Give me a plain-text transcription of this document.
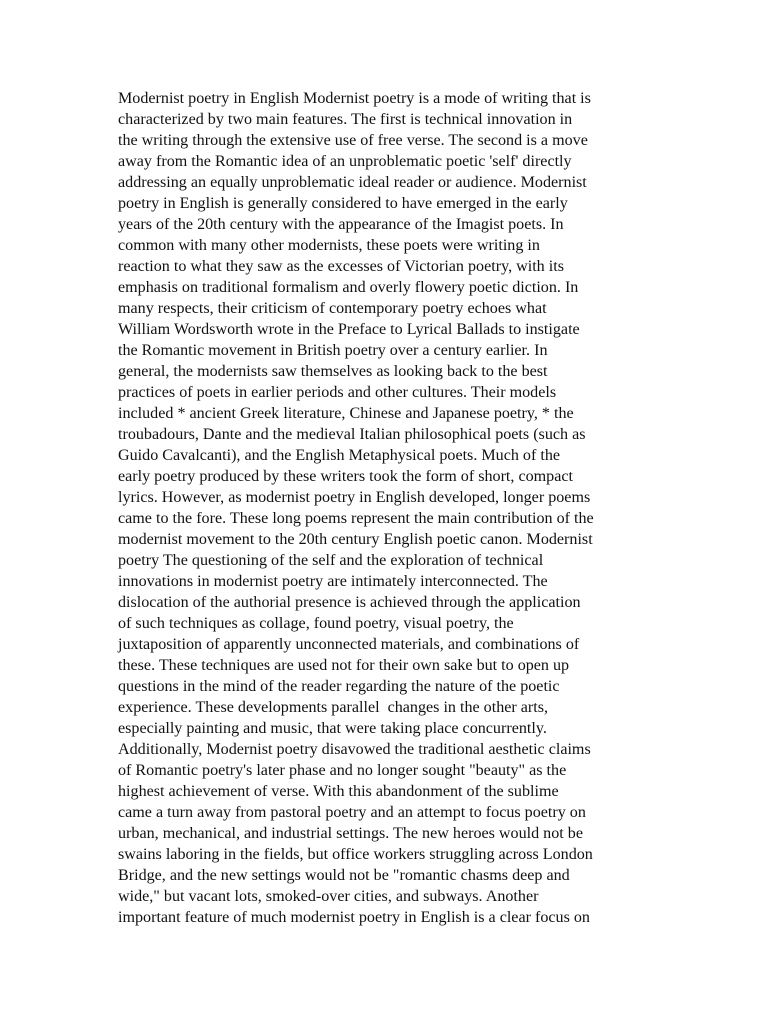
Modernist poetry in English Modernist poetry is a mode of writing that is
characterized by two main features. The first is technical innovation in
the writing through the extensive use of free verse. The second is a move
away from the Romantic idea of an unproblematic poetic 'self' directly
addressing an equally unproblematic ideal reader or audience. Modernist
poetry in English is generally considered to have emerged in the early
years of the 20th century with the appearance of the Imagist poets. In
common with many other modernists, these poets were writing in
reaction to what they saw as the excesses of Victorian poetry, with its
emphasis on traditional formalism and overly flowery poetic diction. In
many respects, their criticism of contemporary poetry echoes what
William Wordsworth wrote in the Preface to Lyrical Ballads to instigate
the Romantic movement in British poetry over a century earlier. In
general, the modernists saw themselves as looking back to the best
practices of poets in earlier periods and other cultures. Their models
included * ancient Greek literature, Chinese and Japanese poetry, * the
troubadours, Dante and the medieval Italian philosophical poets (such as
Guido Cavalcanti), and the English Metaphysical poets. Much of the
early poetry produced by these writers took the form of short, compact
lyrics. However, as modernist poetry in English developed, longer poems
came to the fore. These long poems represent the main contribution of the
modernist movement to the 20th century English poetic canon. Modernist
poetry The questioning of the self and the exploration of technical
innovations in modernist poetry are intimately interconnected. The
dislocation of the authorial presence is achieved through the application
of such techniques as collage, found poetry, visual poetry, the
juxtaposition of apparently unconnected materials, and combinations of
these. These techniques are used not for their own sake but to open up
questions in the mind of the reader regarding the nature of the poetic
experience. These developments parallel  changes in the other arts,
especially painting and music, that were taking place concurrently.
Additionally, Modernist poetry disavowed the traditional aesthetic claims
of Romantic poetry's later phase and no longer sought "beauty" as the
highest achievement of verse. With this abandonment of the sublime
came a turn away from pastoral poetry and an attempt to focus poetry on
urban, mechanical, and industrial settings. The new heroes would not be
swains laboring in the fields, but office workers struggling across London
Bridge, and the new settings would not be "romantic chasms deep and
wide," but vacant lots, smoked-over cities, and subways. Another
important feature of much modernist poetry in English is a clear focus on
